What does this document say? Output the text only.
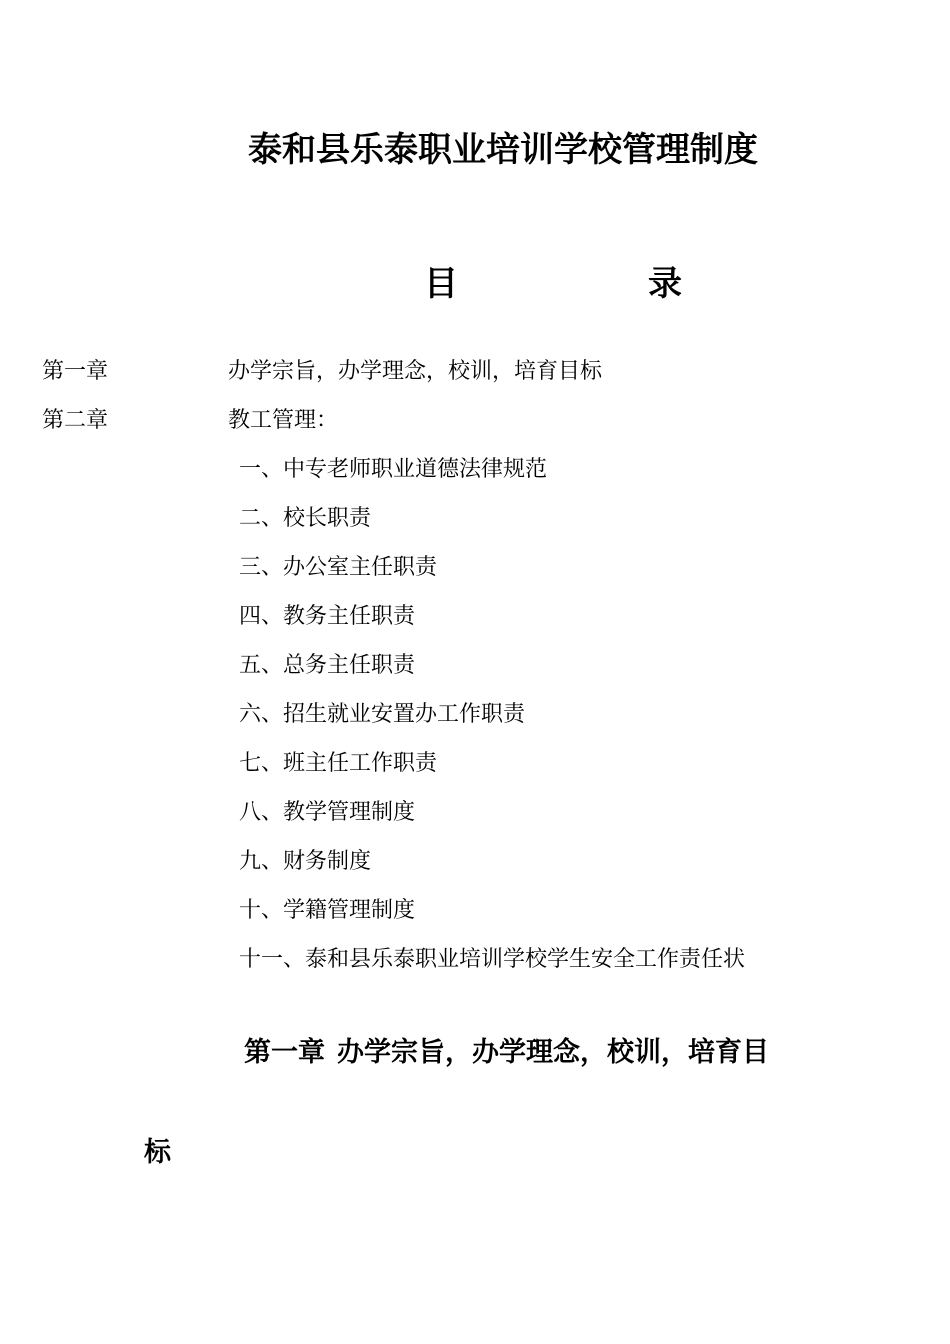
泰和县乐泰职业培训学校管理制度
目	录
第一章	办学宗旨，办学理念，校训，培育目标
第二章	教工管理：
一、中专老师职业道德法律规范
二、校长职责
三、办公室主任职责
四、教务主任职责
五、总务主任职责
六、招生就业安置办工作职责
七、班主任工作职责
八、教学管理制度
九、财务制度
十、学籍管理制度
十一、泰和县乐泰职业培训学校学生安全工作责任状
第一章 办学宗旨，办学理念，校训，培育目
标
